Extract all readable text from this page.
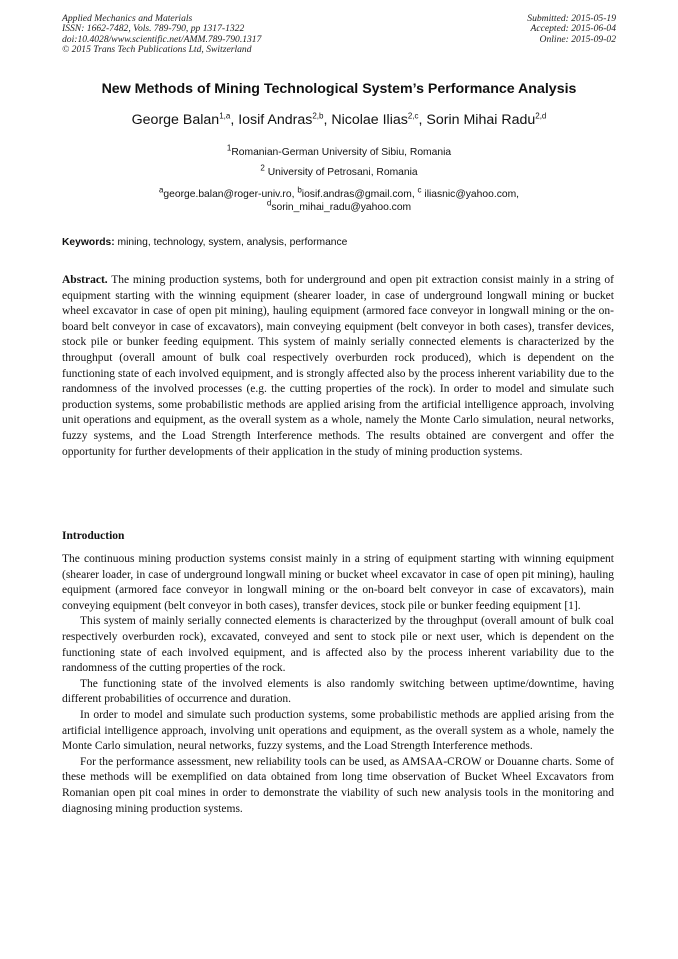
Applied Mechanics and Materials
ISSN: 1662-7482, Vols. 789-790, pp 1317-1322
doi:10.4028/www.scientific.net/AMM.789-790.1317
© 2015 Trans Tech Publications Ltd, Switzerland
Submitted: 2015-05-19
Accepted: 2015-06-04
Online: 2015-09-02
New Methods of Mining Technological System’s Performance Analysis
George Balan$^{1,a}$, Iosif Andras$^{2,b}$, Nicolae Ilias$^{2,c}$, Sorin Mihai Radu$^{2,d}$
$^1$Romanian-German University of Sibiu, Romania
$^2$ University of Petrosani, Romania
$^a$george.balan@roger-univ.ro, $^b$iosif.andras@gmail.com, $^c$ iliasnic@yahoo.com,
$^d$sorin_mihai_radu@yahoo.com
Keywords: mining, technology, system, analysis, performance
Abstract. The mining production systems, both for underground and open pit extraction consist mainly in a string of equipment starting with the winning equipment (shearer loader, in case of underground longwall mining or bucket wheel excavator in case of open pit mining), hauling equipment (armored face conveyor in longwall mining or the on-board belt conveyor in case of excavators), main conveying equipment (belt conveyor in both cases), transfer devices, stock pile or bunker feeding equipment. This system of mainly serially connected elements is characterized by the throughput (overall amount of bulk coal respectively overburden rock produced), which is dependent on the functioning state of each involved equipment, and is strongly affected also by the process inherent variability due to the randomness of the involved processes (e.g. the cutting properties of the rock). In order to model and simulate such production systems, some probabilistic methods are applied arising from the artificial intelligence approach, involving unit operations and equipment, as the overall system as a whole, namely the Monte Carlo simulation, neural networks, fuzzy systems, and the Load Strength Interference methods. The results obtained are convergent and offer the opportunity for further developments of their application in the study of mining production systems.
Introduction

The continuous mining production systems consist mainly in a string of equipment starting with winning equipment (shearer loader, in case of underground longwall mining or bucket wheel excavator in case of open pit mining), hauling equipment (armored face conveyor in longwall mining or the on-board belt conveyor in case of excavators), main conveying equipment (belt conveyor in both cases), transfer devices, stock pile or bunker feeding equipment [1].

This system of mainly serially connected elements is characterized by the throughput (overall amount of bulk coal respectively overburden rock), excavated, conveyed and sent to stock pile or next user, which is dependent on the functioning state of each involved equipment, and is affected also by the process inherent variability due to the randomness of the cutting properties of the rock.

The functioning state of the involved elements is also randomly switching between uptime/downtime, having different probabilities of occurrence and duration.

In order to model and simulate such production systems, some probabilistic methods are applied arising from the artificial intelligence approach, involving unit operations and equipment, as the overall system as a whole, namely the Monte Carlo simulation, neural networks, fuzzy systems, and the Load Strength Interference methods.

For the performance assessment, new reliability tools can be used, as AMSAA-CROW or Douanne charts. Some of these methods will be exemplified on data obtained from long time observation of Bucket Wheel Excavators from Romanian open pit coal mines in order to demonstrate the viability of such new analysis tools in the monitoring and diagnosing mining production systems.
